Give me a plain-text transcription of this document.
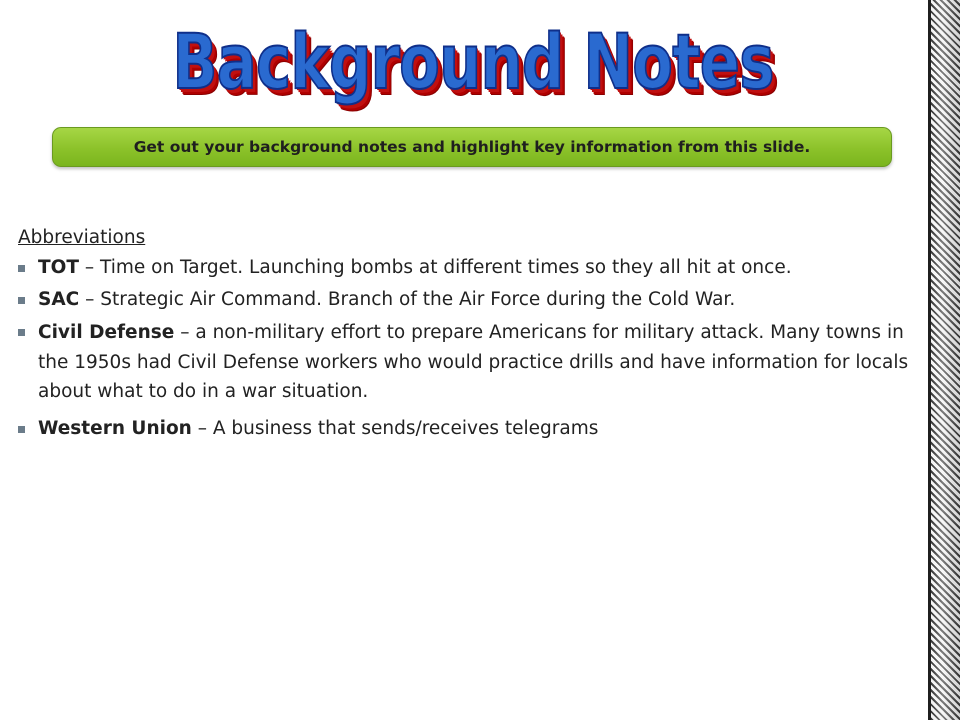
Background Notes
Get out your background notes and highlight key information from this slide.
Abbreviations
TOT – Time on Target. Launching bombs at different times so they all hit at once.
SAC – Strategic Air Command. Branch of the Air Force during the Cold War.
Civil Defense – a non-military effort to prepare Americans for military attack. Many towns in the 1950s had Civil Defense workers who would practice drills and have information for locals about what to do in a war situation.
Western Union – A business that sends/receives telegrams
